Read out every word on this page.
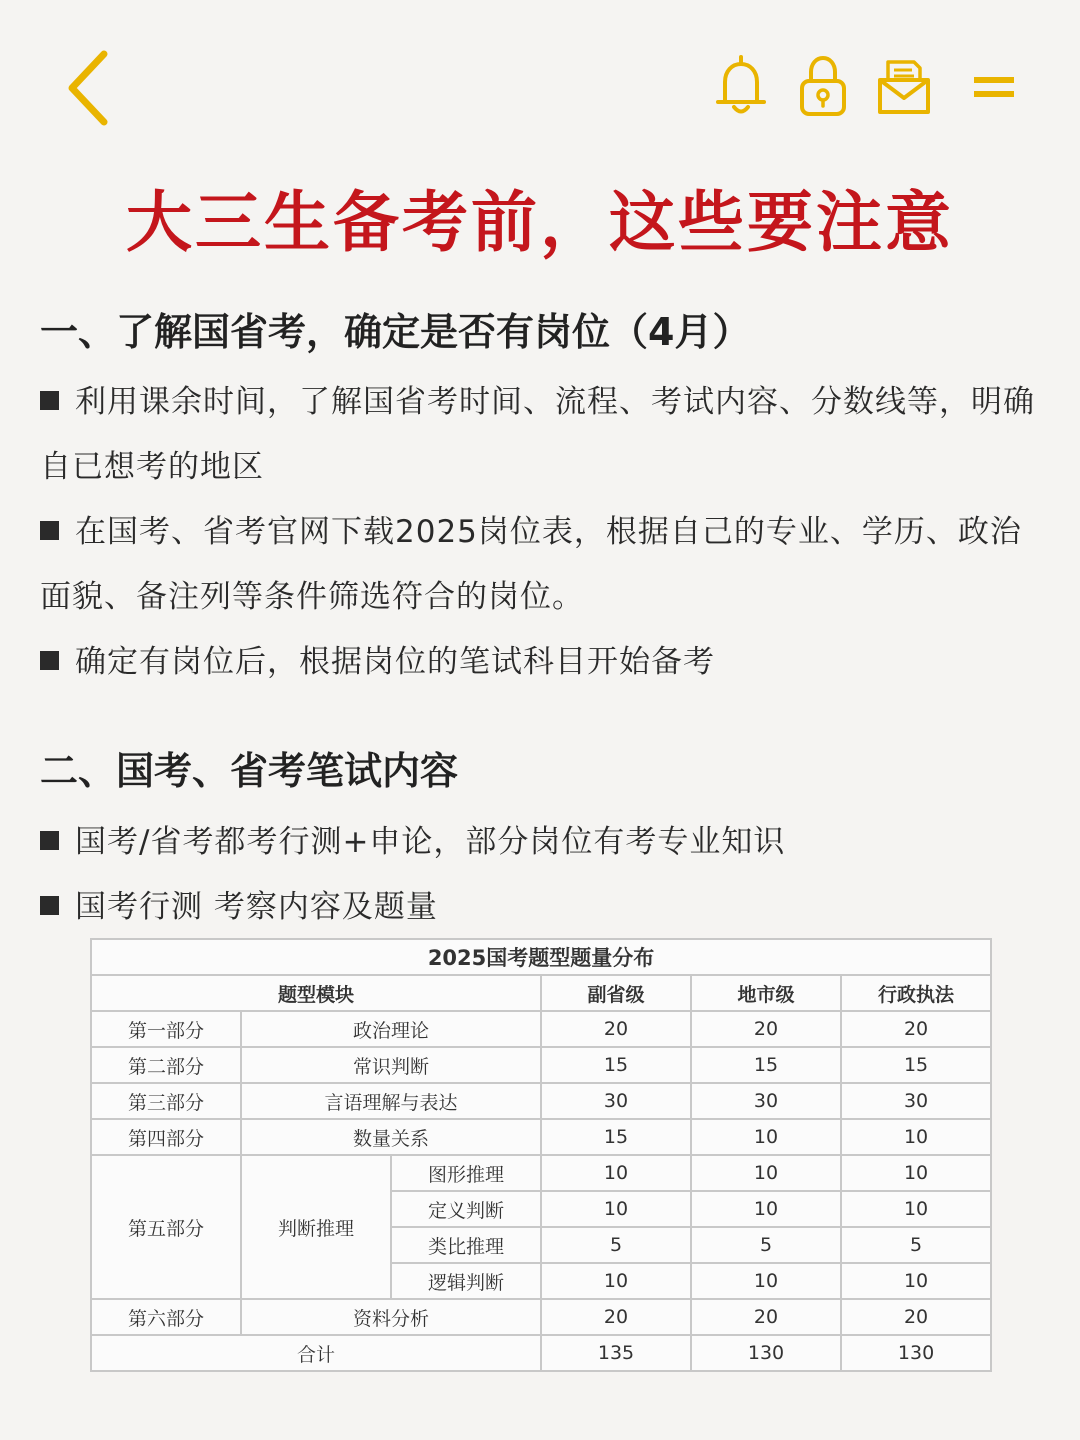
大三生备考前，这些要注意
一、了解国省考，确定是否有岗位（4月）
利用课余时间，了解国省考时间、流程、考试内容、分数线等，明确自已想考的地区
在国考、省考官网下载2025岗位表，根据自己的专业、学历、政治面貌、备注列等条件筛选符合的岗位。
确定有岗位后，根据岗位的笔试科目开始备考
二、国考、省考笔试内容
国考/省考都考行测+申论，部分岗位有考专业知识
国考行测 考察内容及题量
2025国考题型题量分布					
题型模块			副省级	地市级	行政执法
第一部分	政治理论		20	20	20
第二部分	常识判断		15	15	15
第三部分	言语理解与表达		30	30	30
第四部分	数量关系		15	10	10
第五部分	判断推理	图形推理	10	10	10
		定义判断	10	10	10
		类比推理	5	5	5
		逻辑判断	10	10	10
第六部分	资料分析		20	20	20
合计			135	130	130
